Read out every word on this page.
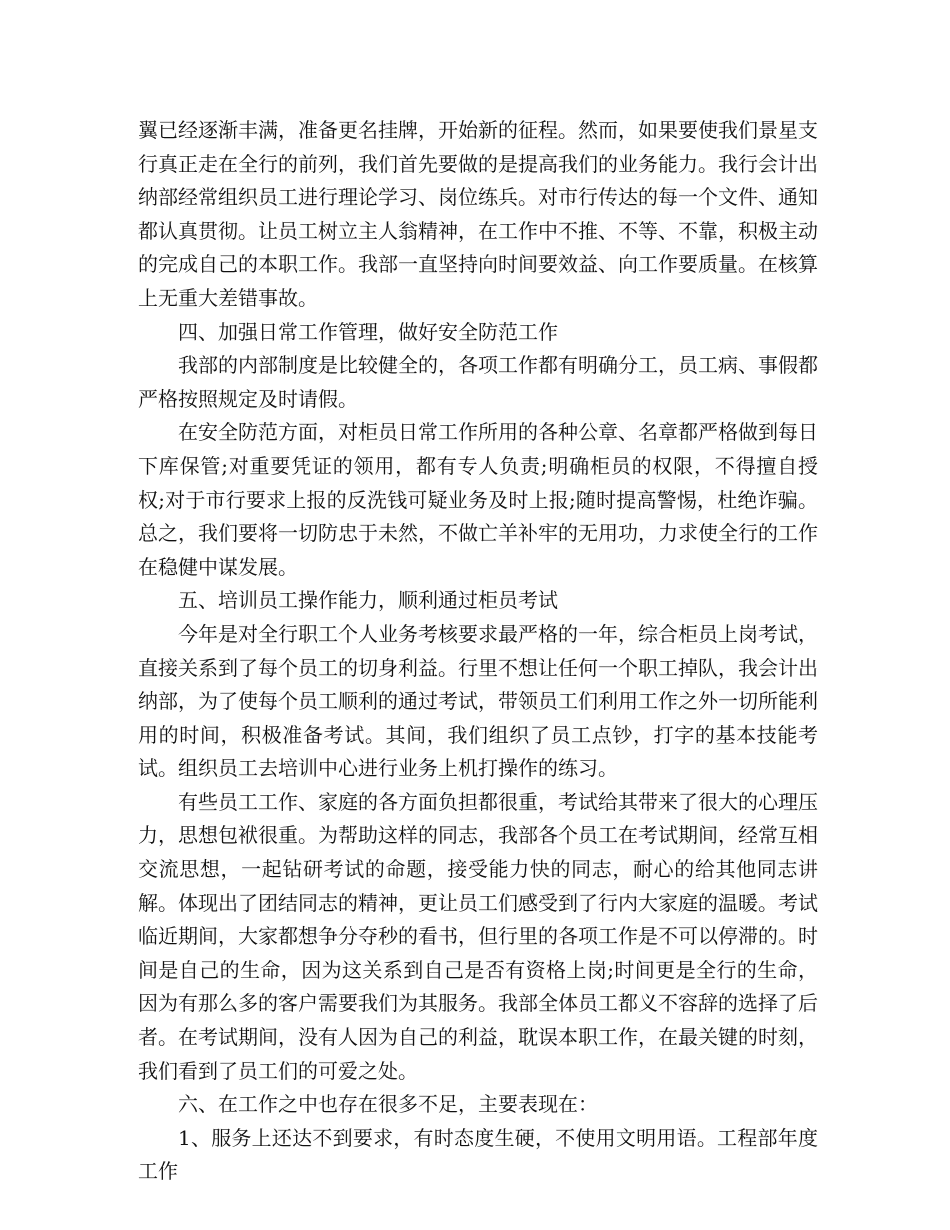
翼已经逐渐丰满，准备更名挂牌，开始新的征程。然而，如果要使我们景星支行真正走在全行的前列，我们首先要做的是提高我们的业务能力。我行会计出纳部经常组织员工进行理论学习、岗位练兵。对市行传达的每一个文件、通知都认真贯彻。让员工树立主人翁精神，在工作中不推、不等、不靠，积极主动的完成自己的本职工作。我部一直坚持向时间要效益、向工作要质量。在核算上无重大差错事故。

四、加强日常工作管理，做好安全防范工作

我部的内部制度是比较健全的，各项工作都有明确分工，员工病、事假都严格按照规定及时请假。

在安全防范方面，对柜员日常工作所用的各种公章、名章都严格做到每日下库保管;对重要凭证的领用，都有专人负责;明确柜员的权限，不得擅自授权;对于市行要求上报的反洗钱可疑业务及时上报;随时提高警惕，杜绝诈骗。总之，我们要将一切防忠于未然，不做亡羊补牢的无用功，力求使全行的工作在稳健中谋发展。

五、培训员工操作能力，顺利通过柜员考试

今年是对全行职工个人业务考核要求最严格的一年，综合柜员上岗考试，直接关系到了每个员工的切身利益。行里不想让任何一个职工掉队，我会计出纳部，为了使每个员工顺利的通过考试，带领员工们利用工作之外一切所能利用的时间，积极准备考试。其间，我们组织了员工点钞，打字的基本技能考试。组织员工去培训中心进行业务上机打操作的练习。

有些员工工作、家庭的各方面负担都很重，考试给其带来了很大的心理压力，思想包袱很重。为帮助这样的同志，我部各个员工在考试期间，经常互相交流思想，一起钻研考试的命题，接受能力快的同志，耐心的给其他同志讲解。体现出了团结同志的精神，更让员工们感受到了行内大家庭的温暖。考试临近期间，大家都想争分夺秒的看书，但行里的各项工作是不可以停滞的。时间是自己的生命，因为这关系到自己是否有资格上岗;时间更是全行的生命，因为有那么多的客户需要我们为其服务。我部全体员工都义不容辞的选择了后者。在考试期间，没有人因为自己的利益，耽误本职工作，在最关键的时刻，我们看到了员工们的可爱之处。

六、在工作之中也存在很多不足，主要表现在：

1、服务上还达不到要求，有时态度生硬，不使用文明用语。工程部年度工作
